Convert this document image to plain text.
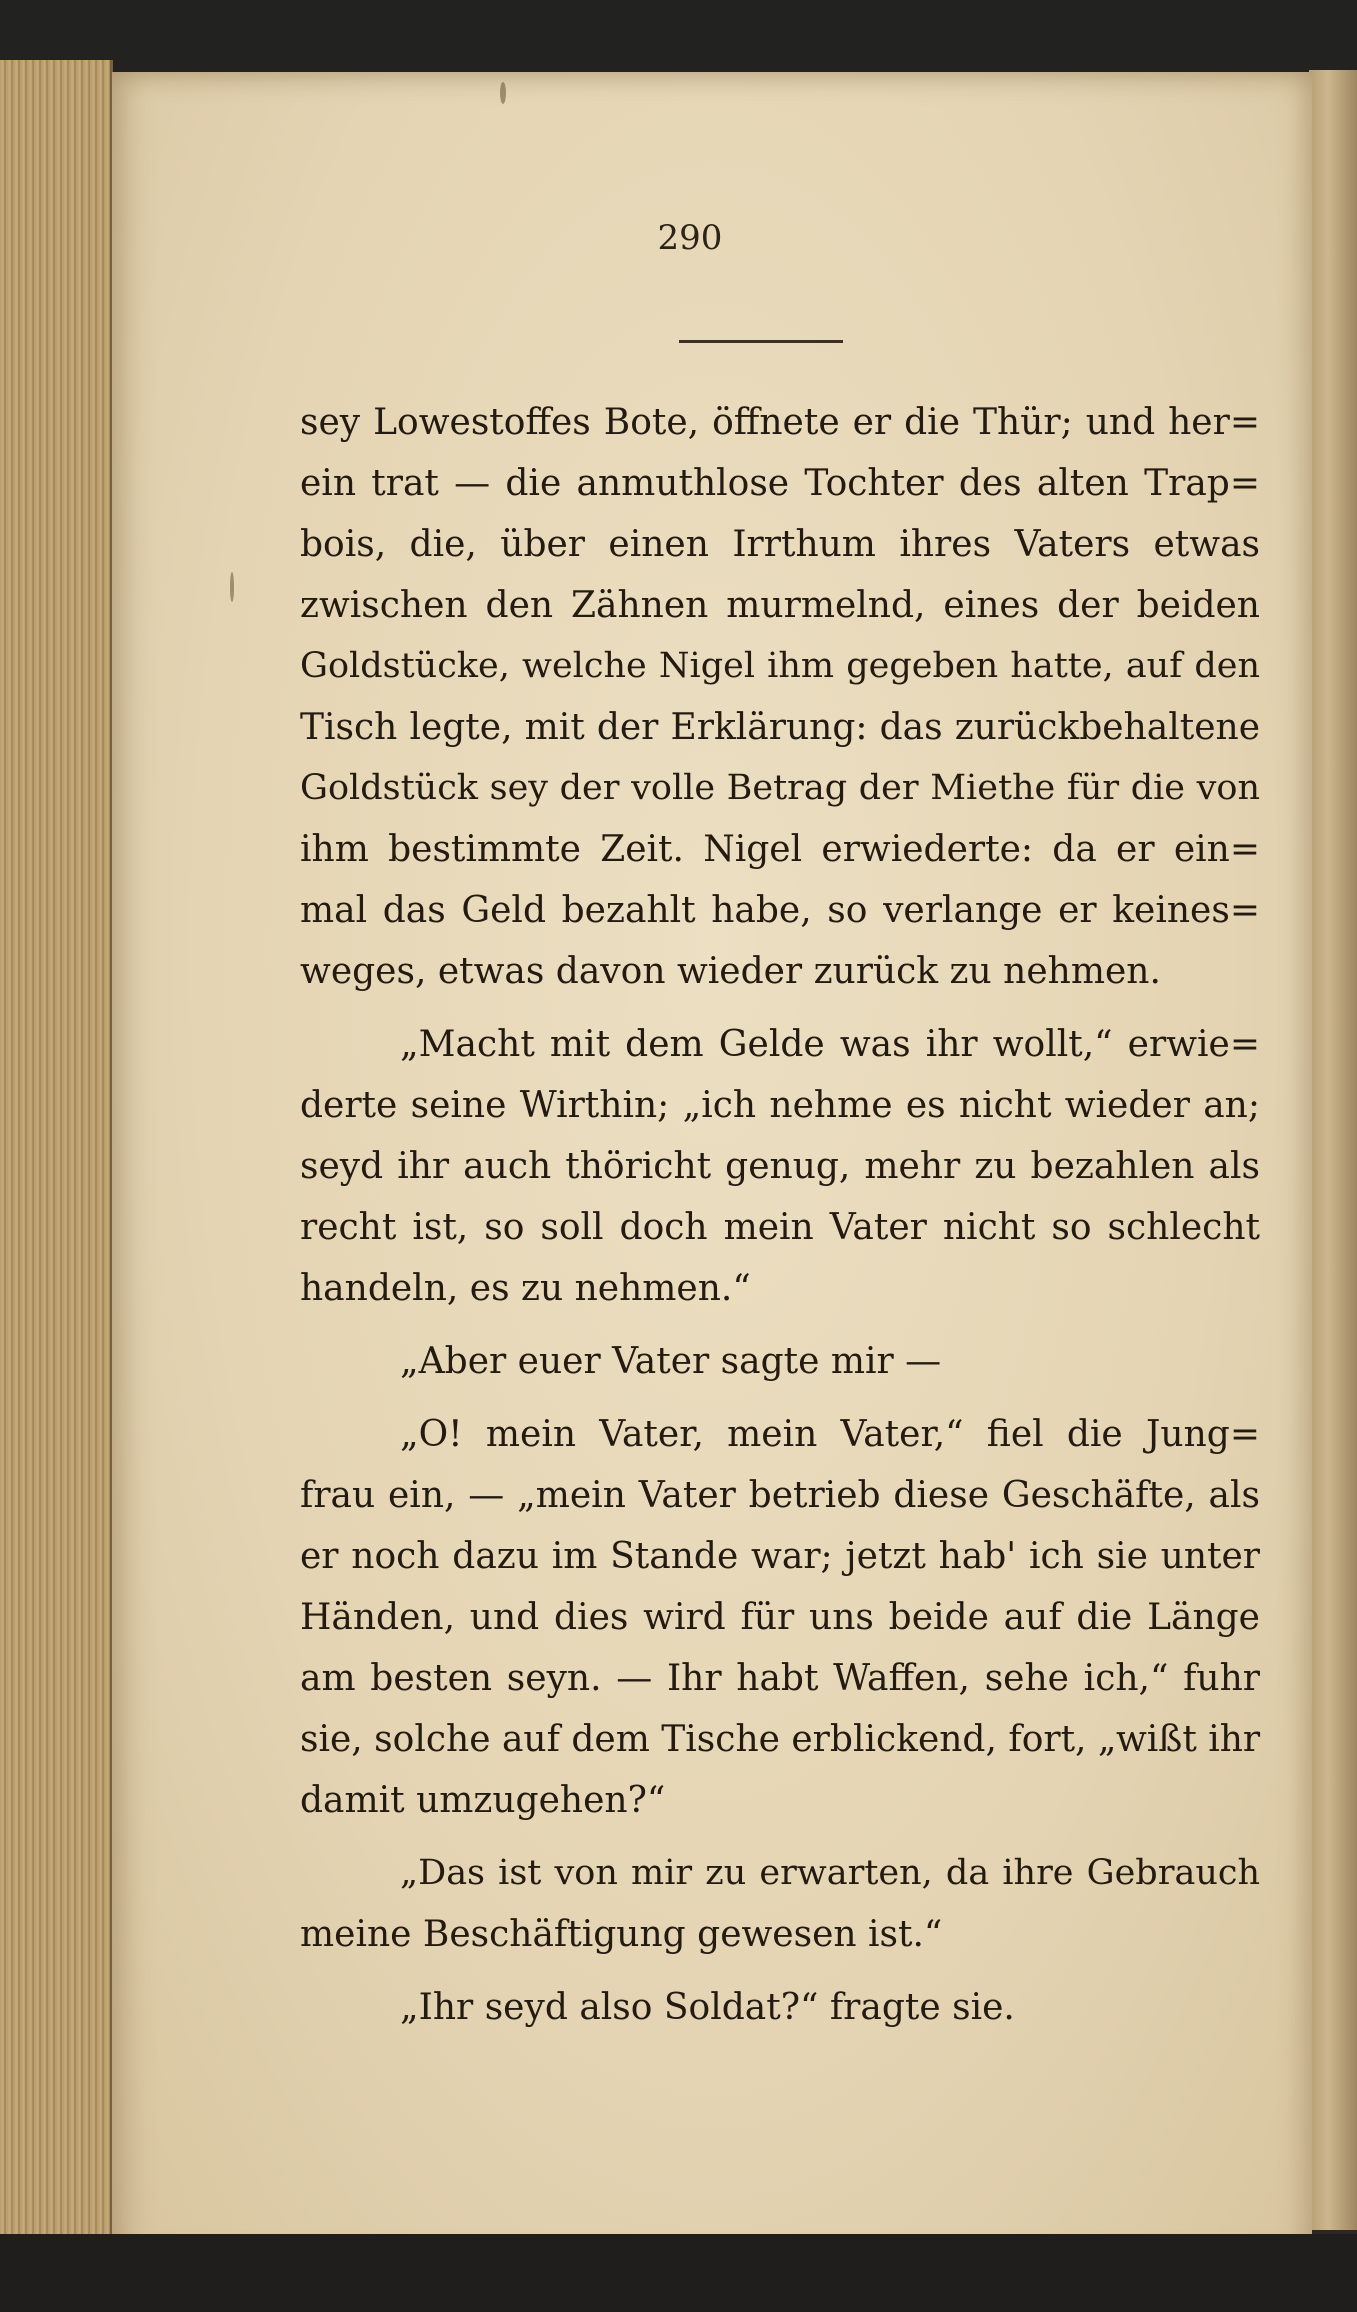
290
sey Lowestoffes Bote, öffnete er die Thür; und her=
ein trat — die anmuthlose Tochter des alten Trap=
bois, die, über einen Irrthum ihres Vaters etwas
zwischen den Zähnen murmelnd, eines der beiden
Goldstücke, welche Nigel ihm gegeben hatte, auf den
Tisch legte, mit der Erklärung: das zurückbehaltene
Goldstück sey der volle Betrag der Miethe für die von
ihm bestimmte Zeit. Nigel erwiederte: da er ein=
mal das Geld bezahlt habe, so verlange er keines=
weges, etwas davon wieder zurück zu nehmen.
„Macht mit dem Gelde was ihr wollt,“ erwie=
derte seine Wirthin; „ich nehme es nicht wieder an;
seyd ihr auch thöricht genug, mehr zu bezahlen als
recht ist, so soll doch mein Vater nicht so schlecht
handeln, es zu nehmen.“
„Aber euer Vater sagte mir —
„O! mein Vater, mein Vater,“ fiel die Jung=
frau ein, — „mein Vater betrieb diese Geschäfte, als
er noch dazu im Stande war; jetzt hab' ich sie unter
Händen, und dies wird für uns beide auf die Länge
am besten seyn. — Ihr habt Waffen, sehe ich,“ fuhr
sie, solche auf dem Tische erblickend, fort, „wißt ihr
damit umzugehen?“
„Das ist von mir zu erwarten, da ihre Gebrauch
meine Beschäftigung gewesen ist.“
„Ihr seyd also Soldat?“ fragte sie.
